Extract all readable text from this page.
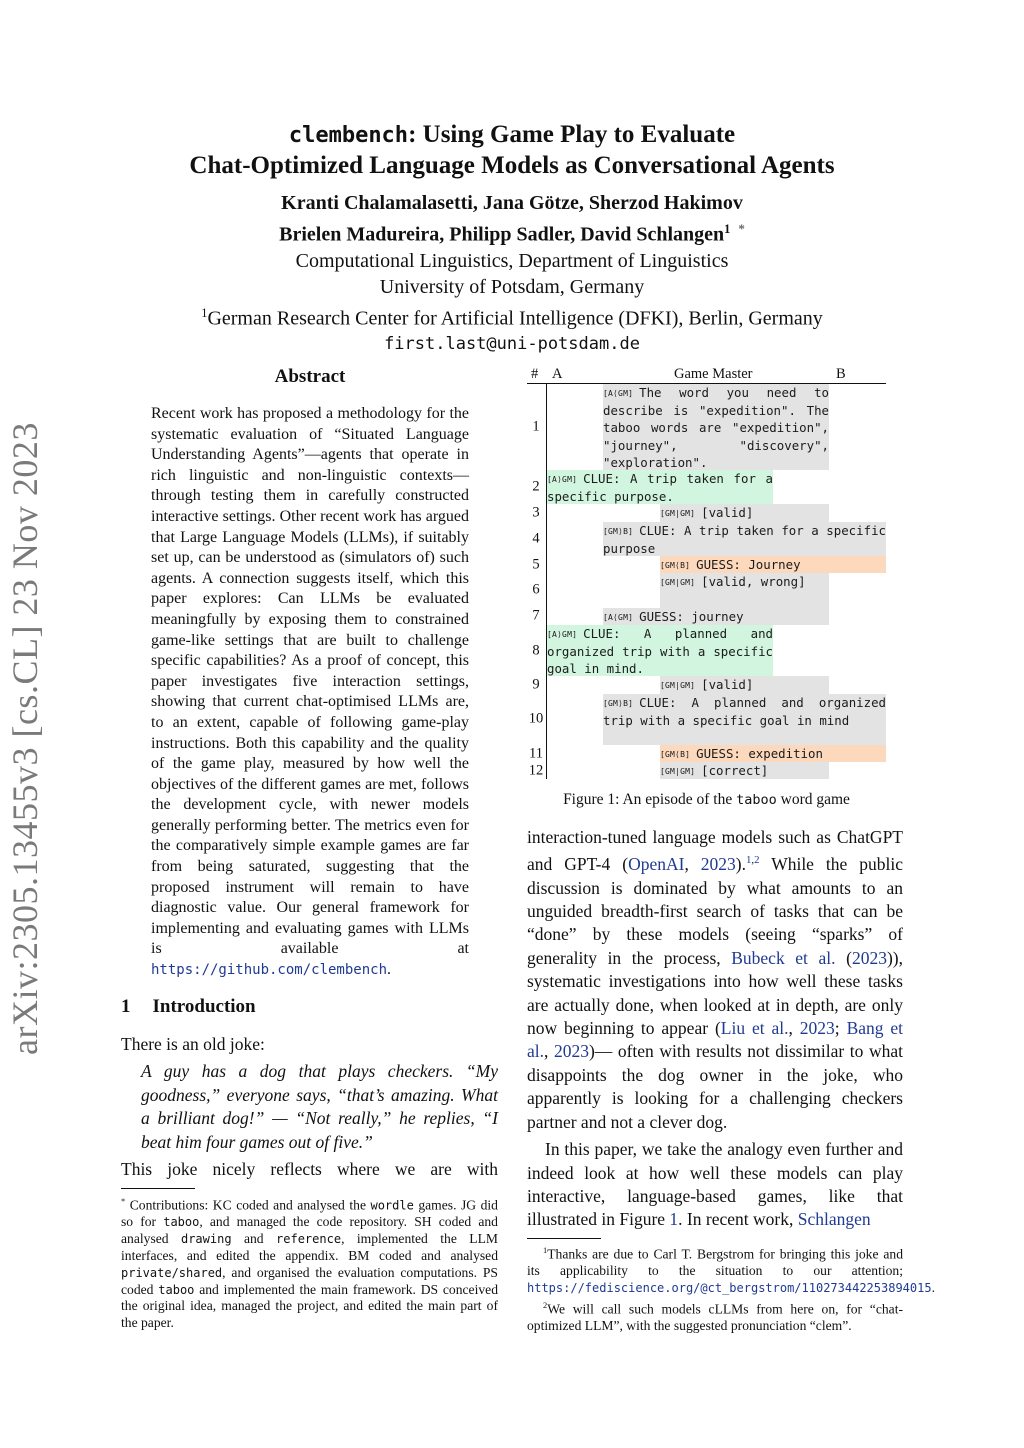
arXiv:2305.13455v3 [cs.CL] 23 Nov 2023
clembench: Using Game Play to Evaluate
Chat-Optimized Language Models as Conversational Agents
Kranti Chalamalasetti, Jana Götze, Sherzod Hakimov
Brielen Madureira, Philipp Sadler, David Schlangen$^1$ *
Computational Linguistics, Department of Linguistics
University of Potsdam, Germany
$^1$German Research Center for Artificial Intelligence (DFKI), Berlin, Germany
first.last@uni-potsdam.de
Abstract
Recent work has proposed a methodology for the systematic evaluation of “Situated Language Understanding Agents”—agents that operate in rich linguistic and non-linguistic contexts—through testing them in carefully constructed interactive settings. Other recent work has argued that Large Language Models (LLMs), if suitably set up, can be understood as (simulators of) such agents. A connection suggests itself, which this paper explores: Can LLMs be evaluated meaningfully by exposing them to constrained game-like settings that are built to challenge specific capabilities? As a proof of concept, this paper investigates five interaction settings, showing that current chat-optimised LLMs are, to an extent, capable of following game-play instructions. Both this capability and the quality of the game play, measured by how well the objectives of the different games are met, follows the development cycle, with newer models generally performing better. The metrics even for the comparatively simple example games are far from being saturated, suggesting that the proposed instrument will remain to have diagnostic value. Our general framework for implementing and evaluating games with LLMs is available at https://github.com/clembench.
1 Introduction

There is an old joke:

A guy has a dog that plays checkers. “My goodness,” everyone says, “that’s amazing. What a brilliant dog!” — “Not really,” he replies, “I beat him four games out of five.”

This joke nicely reflects where we are with

* Contributions: KC coded and analysed the wordle games. JG did so for taboo, and managed the code repository. SH coded and analysed drawing and reference, implemented the LLM interfaces, and edited the appendix. BM coded and analysed private/shared, and organised the evaluation computations. PS coded taboo and implemented the main framework. DS conceived the original idea, managed the project, and edited the main part of the paper.
# A	Game Master	B
1
[A⟨GM] The word you need to describe is "expedition". The taboo words are "expedition", "journey", "discovery", "exploration".
2 [A⟩GM] CLUE: A trip taken for a specific purpose.
3	[GM|GM] [valid]
4	[GM⟩B] CLUE: A trip taken for a specific purpose
5	[GM⟨B] GUESS: Journey
6	[GM|GM] [valid, wrong]
7	[A⟨GM] GUESS: journey
8
[A⟩GM] CLUE: A planned and organized trip with a specific goal in mind.
9	[GM|GM] [valid]
10
[GM⟩B] CLUE: A planned and organized trip with a specific goal in mind
11	[GM⟨B] GUESS: expedition
12	[GM|GM] [correct]
Figure 1: An episode of the taboo word game

interaction-tuned language models such as ChatGPT and GPT-4 (OpenAI, 2023).$^{1,2}$ While the public discussion is dominated by what amounts to an unguided breadth-first search of tasks that can be “done” by these models (seeing “sparks” of generality in the process, Bubeck et al. (2023)), systematic investigations into how well these tasks are actually done, when looked at in depth, are only now beginning to appear (Liu et al., 2023; Bang et al., 2023)— often with results not dissimilar to what disappoints the dog owner in the joke, who apparently is looking for a challenging checkers partner and not a clever dog.

In this paper, we take the analogy even further and indeed look at how well these models can play interactive, language-based games, like that illustrated in Figure 1. In recent work, Schlangen

$^1$Thanks are due to Carl T. Bergstrom for bringing this joke and its applicability to the situation to our attention; https://fediscience.org/@ct_bergstrom/110273442253894015.

$^2$We will call such models cLLMs from here on, for “chat-optimized LLM”, with the suggested pronunciation “clem”.
